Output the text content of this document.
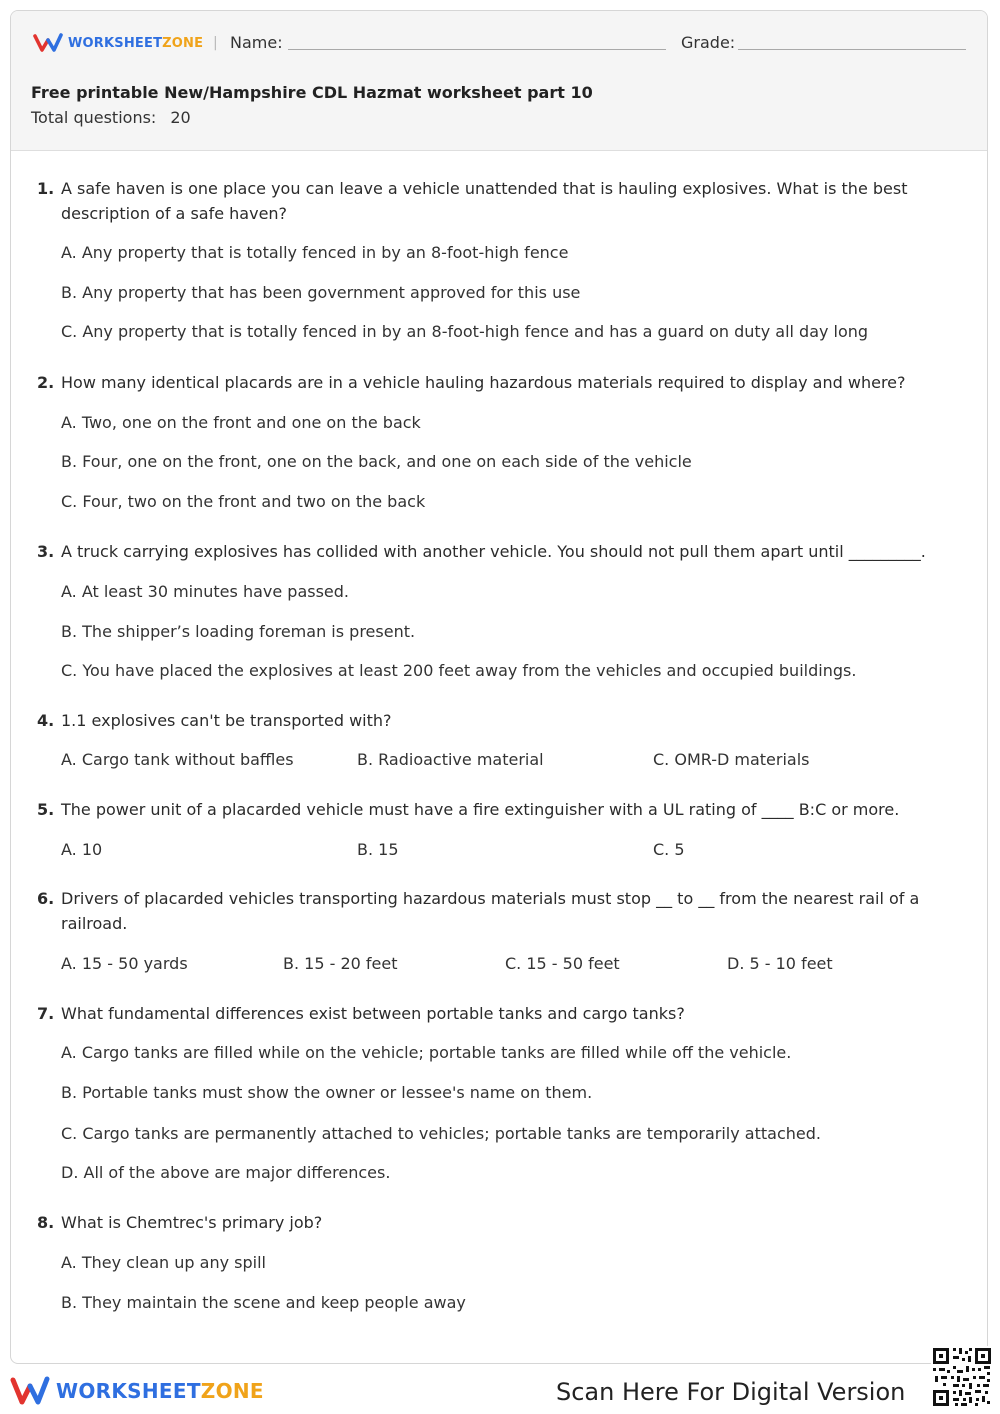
WORKSHEETZONE | Name:	Grade:
Free printable New/Hampshire CDL Hazmat worksheet part 10
Total questions: 20
1. A safe haven is one place you can leave a vehicle unattended that is hauling explosives. What is the best description of a safe haven?
A. Any property that is totally fenced in by an 8-foot-high fence
B. Any property that has been government approved for this use
C. Any property that is totally fenced in by an 8-foot-high fence and has a guard on duty all day long
2. How many identical placards are in a vehicle hauling hazardous materials required to display and where?
A. Two, one on the front and one on the back
B. Four, one on the front, one on the back, and one on each side of the vehicle
C. Four, two on the front and two on the back
3. A truck carrying explosives has collided with another vehicle. You should not pull them apart until _________.
A. At least 30 minutes have passed.
B. The shipper’s loading foreman is present.
C. You have placed the explosives at least 200 feet away from the vehicles and occupied buildings.
4. 1.1 explosives can't be transported with?
A. Cargo tank without baffles	B. Radioactive material	C. OMR-D materials
5. The power unit of a placarded vehicle must have a fire extinguisher with a UL rating of ____ B:C or more.
A. 10	B. 15	C. 5
6. Drivers of placarded vehicles transporting hazardous materials must stop __ to __ from the nearest rail of a railroad.
A. 15 - 50 yards	B. 15 - 20 feet	C. 15 - 50 feet	D. 5 - 10 feet
7. What fundamental differences exist between portable tanks and cargo tanks?
A. Cargo tanks are filled while on the vehicle; portable tanks are filled while off the vehicle.
B. Portable tanks must show the owner or lessee's name on them.
C. Cargo tanks are permanently attached to vehicles; portable tanks are temporarily attached.
D. All of the above are major differences.
8. What is Chemtrec's primary job?
A. They clean up any spill
B. They maintain the scene and keep people away
WORKSHEETZONE	Scan Here For Digital Version
